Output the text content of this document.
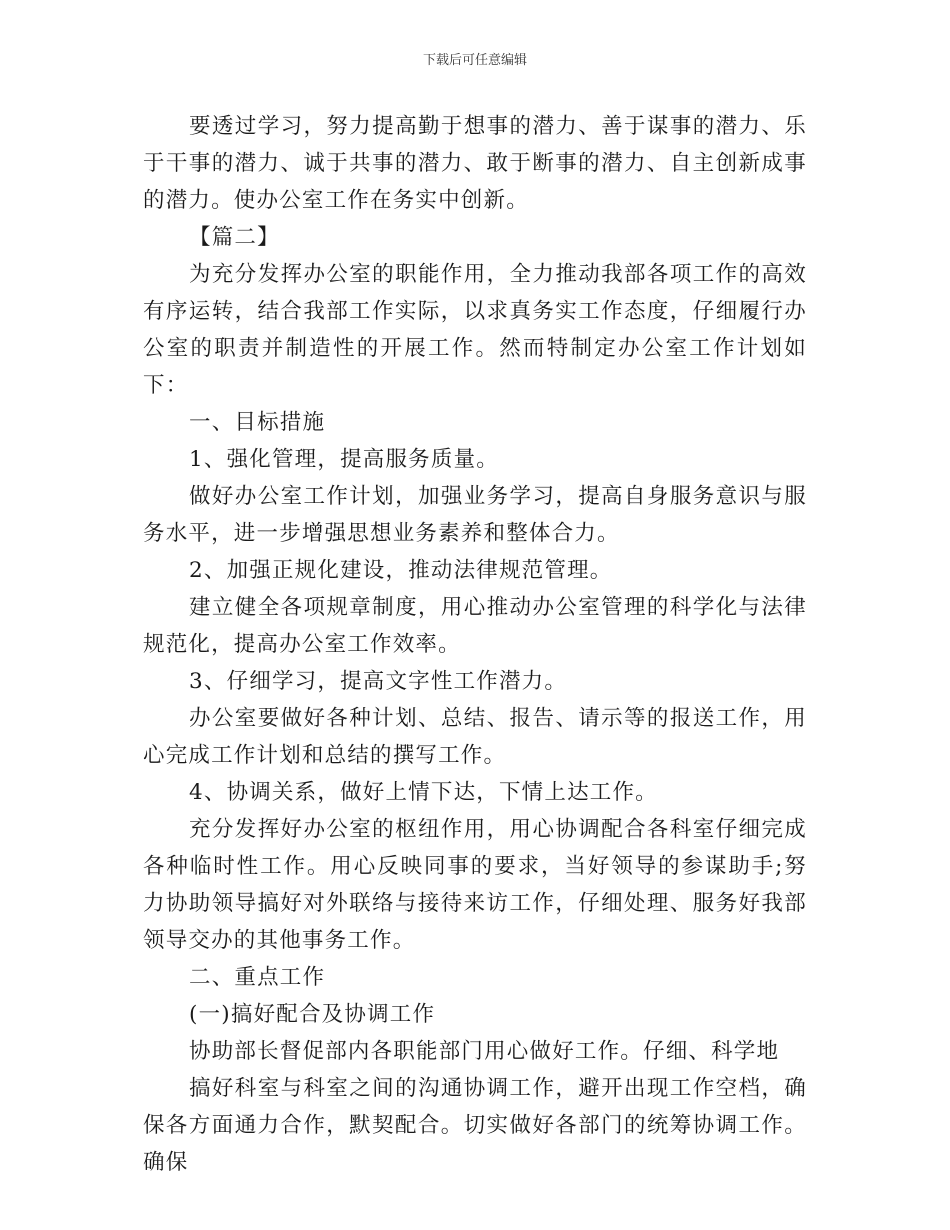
下载后可任意编辑

要透过学习，努力提高勤于想事的潜力、善于谋事的潜力、乐于干事的潜力、诚于共事的潜力、敢于断事的潜力、自主创新成事的潜力。使办公室工作在务实中创新。

【篇二】

为充分发挥办公室的职能作用，全力推动我部各项工作的高效有序运转，结合我部工作实际，以求真务实工作态度，仔细履行办公室的职责并制造性的开展工作。然而特制定办公室工作计划如下：

一、目标措施

1、强化管理，提高服务质量。

做好办公室工作计划，加强业务学习，提高自身服务意识与服务水平，进一步增强思想业务素养和整体合力。

2、加强正规化建设，推动法律规范管理。

建立健全各项规章制度，用心推动办公室管理的科学化与法律规范化，提高办公室工作效率。

3、仔细学习，提高文字性工作潜力。

办公室要做好各种计划、总结、报告、请示等的报送工作，用心完成工作计划和总结的撰写工作。

4、协调关系，做好上情下达，下情上达工作。

充分发挥好办公室的枢纽作用，用心协调配合各科室仔细完成各种临时性工作。用心反映同事的要求，当好领导的参谋助手;努力协助领导搞好对外联络与接待来访工作，仔细处理、服务好我部领导交办的其他事务工作。

二、重点工作

(一)搞好配合及协调工作

协助部长督促部内各职能部门用心做好工作。仔细、科学地

搞好科室与科室之间的沟通协调工作，避开出现工作空档，确保各方面通力合作，默契配合。切实做好各部门的统筹协调工作。确保
